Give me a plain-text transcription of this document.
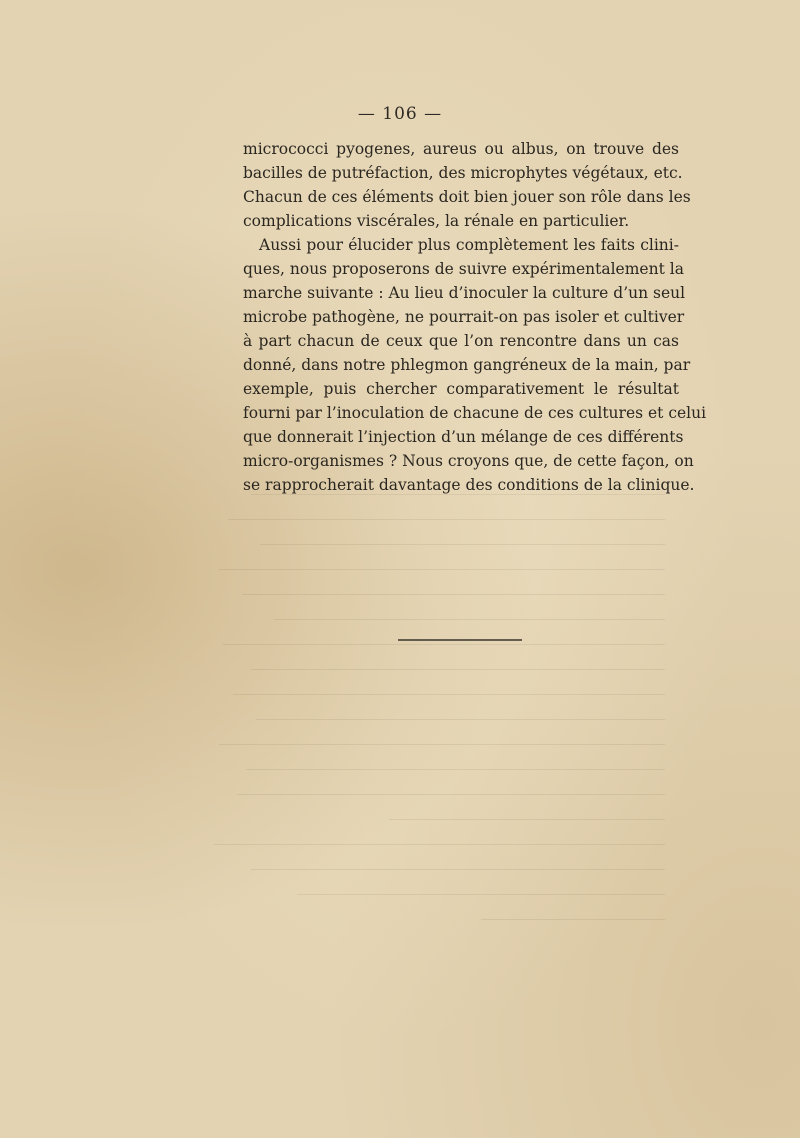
— 106 —
micrococci pyogenes, aureus ou albus, on trouve des
bacilles de putréfaction, des microphytes végétaux, etc.
Chacun de ces éléments doit bien jouer son rôle dans les
complications viscérales, la rénale en particulier.
Aussi pour élucider plus complètement les faits clini-
ques, nous proposerons de suivre expérimentalement la
marche suivante : Au lieu d’inoculer la culture d’un seul
microbe pathogène, ne pourrait-on pas isoler et cultiver
à part chacun de ceux que l’on rencontre dans un cas
donné, dans notre phlegmon gangréneux de la main, par
exemple, puis chercher comparativement le résultat
fourni par l’inoculation de chacune de ces cultures et celui
que donnerait l’injection d’un mélange de ces différents
micro-organismes ? Nous croyons que, de cette façon, on
se rapprocherait davantage des conditions de la clinique.
